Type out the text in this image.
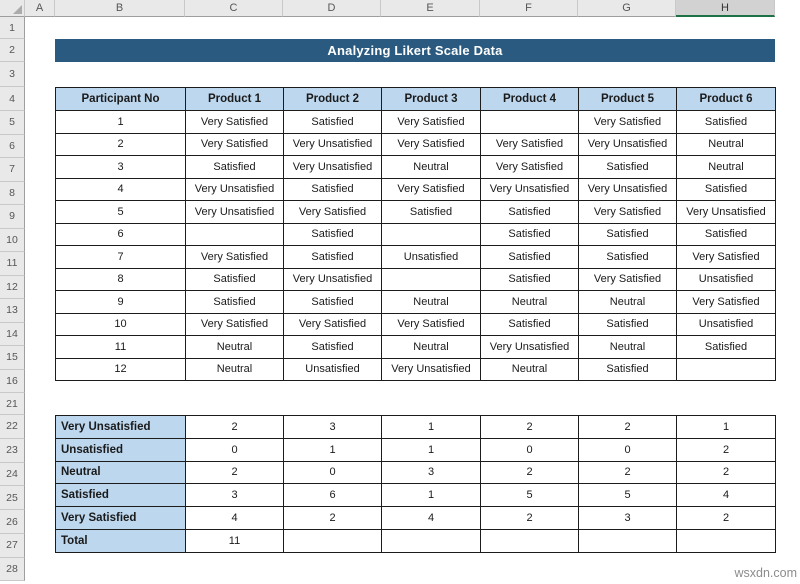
A	B	C	D	E	F	G	H
1
2
3
4
5
6
7
8
9
10
11
12
13
14
15
16
21
22
23
24
25
26
27
28
Analyzing Likert Scale Data
Participant No	Product 1	Product 2	Product 3	Product 4	Product 5	Product 6
1	Very Satisfied	Satisfied	Very Satisfied		Very Satisfied	Satisfied
2	Very Satisfied	Very Unsatisfied	Very Satisfied	Very Satisfied	Very Unsatisfied	Neutral
3	Satisfied	Very Unsatisfied	Neutral	Very Satisfied	Satisfied	Neutral
4	Very Unsatisfied	Satisfied	Very Satisfied	Very Unsatisfied	Very Unsatisfied	Satisfied
5	Very Unsatisfied	Very Satisfied	Satisfied	Satisfied	Very Satisfied	Very Unsatisfied
6		Satisfied		Satisfied	Satisfied	Satisfied
7	Very Satisfied	Satisfied	Unsatisfied	Satisfied	Satisfied	Very Satisfied
8	Satisfied	Very Unsatisfied		Satisfied	Very Satisfied	Unsatisfied
9	Satisfied	Satisfied	Neutral	Neutral	Neutral	Very Satisfied
10	Very Satisfied	Very Satisfied	Very Satisfied	Satisfied	Satisfied	Unsatisfied
11	Neutral	Satisfied	Neutral	Very Unsatisfied	Neutral	Satisfied
12	Neutral	Unsatisfied	Very Unsatisfied	Neutral	Satisfied	
Very Unsatisfied	2	3	1	2	2	1
Unsatisfied	0	1	1	0	0	2
Neutral	2	0	3	2	2	2
Satisfied	3	6	1	5	5	4
Very Satisfied	4	2	4	2	3	2
Total	11					
wsxdn.com
